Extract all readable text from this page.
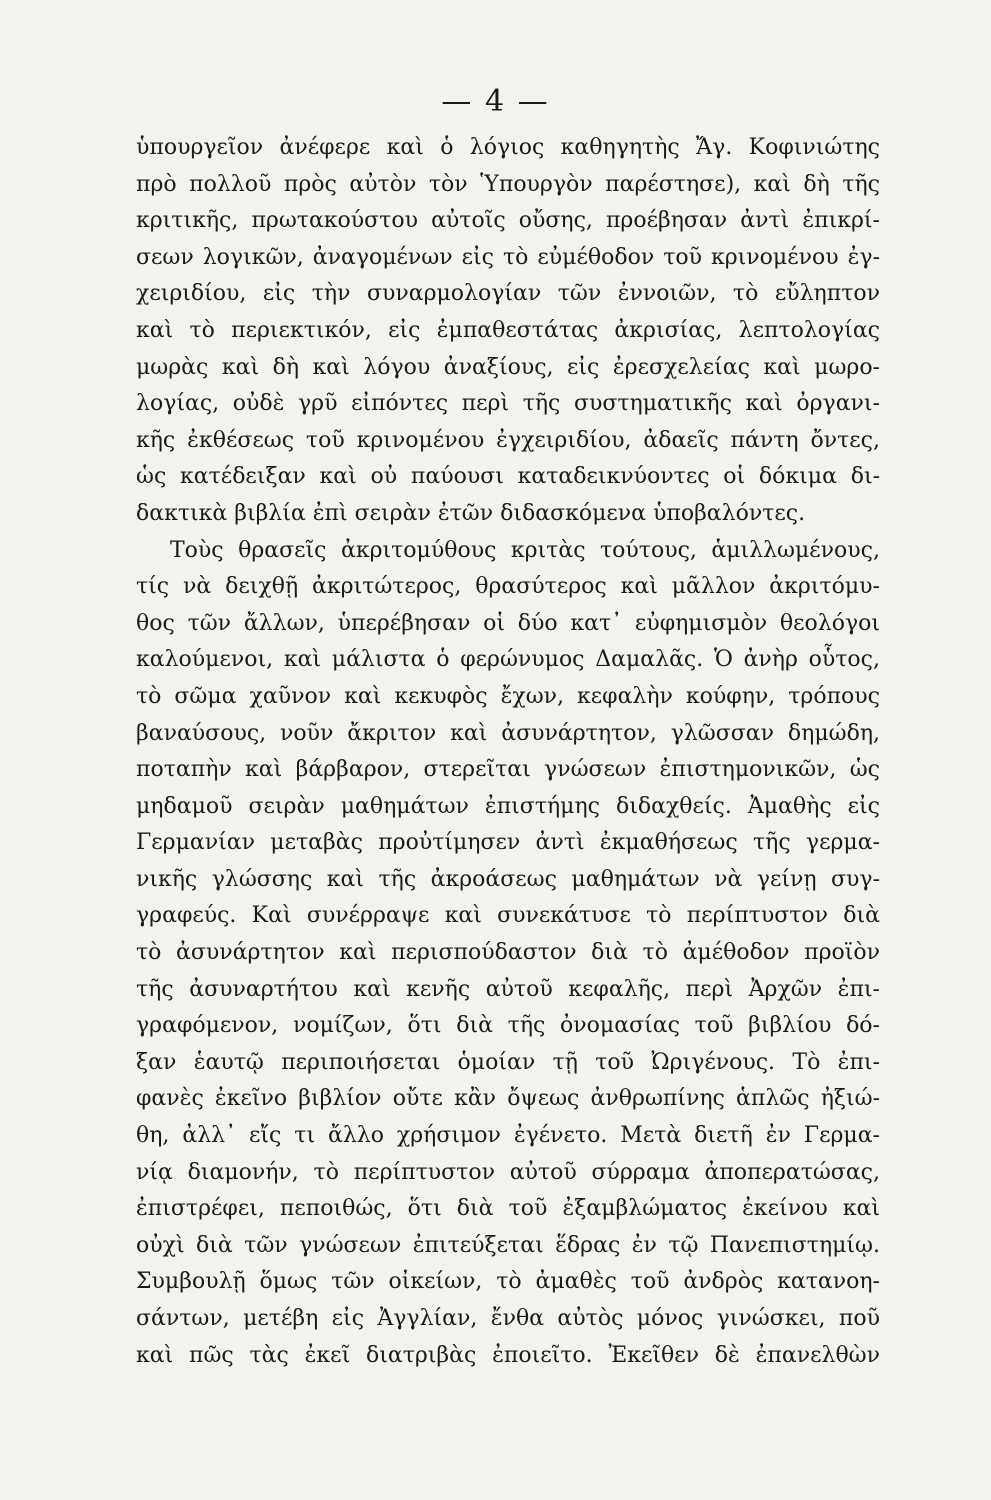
— 4 —
ὑπουργεῖον ἀνέφερε καὶ ὁ λόγιος καθηγητὴς Ἄγ. Κοφινιώτης
πρὸ πολλοῦ πρὸς αὐτὸν τὸν Ὑπουργὸν παρέστησε), καὶ δὴ τῆς
κριτικῆς, πρωτακούστου αὐτοῖς οὔσης, προέβησαν ἀντὶ ἐπικρί-
σεων λογικῶν, ἀναγομένων εἰς τὸ εὐμέθοδον τοῦ κρινομένου ἐγ-
χειριδίου, εἰς τὴν συναρμολογίαν τῶν ἐννοιῶν, τὸ εὔληπτον
καὶ τὸ περιεκτικόν, εἰς ἐμπαθεστάτας ἀκρισίας, λεπτολογίας
μωρὰς καὶ δὴ καὶ λόγου ἀναξίους, εἰς ἐρεσχελείας καὶ μωρο-
λογίας, οὐδὲ γρῦ εἰπόντες περὶ τῆς συστηματικῆς καὶ ὀργανι-
κῆς ἐκθέσεως τοῦ κρινομένου ἐγχειριδίου, ἀδαεῖς πάντη ὄντες,
ὡς κατέδειξαν καὶ οὐ παύουσι καταδεικνύοντες οἱ δόκιμα δι-
δακτικὰ βιβλία ἐπὶ σειρὰν ἐτῶν διδασκόμενα ὑποβαλόντες.
Τοὺς θρασεῖς ἀκριτομύθους κριτὰς τούτους, ἁμιλλωμένους,
τίς νὰ δειχθῇ ἀκριτώτερος, θρασύτερος καὶ μᾶλλον ἀκριτόμυ-
θος τῶν ἄλλων, ὑπερέβησαν οἱ δύο κατ᾽ εὐφημισμὸν θεολόγοι
καλούμενοι, καὶ μάλιστα ὁ φερώνυμος Δαμαλᾶς. Ὁ ἀνὴρ οὗτος,
τὸ σῶμα χαῦνον καὶ κεκυφὸς ἔχων, κεφαλὴν κούφην, τρόπους
βαναύσους, νοῦν ἄκριτον καὶ ἀσυνάρτητον, γλῶσσαν δημώδη,
ποταπὴν καὶ βάρβαρον, στερεῖται γνώσεων ἐπιστημονικῶν, ὡς
μηδαμοῦ σειρὰν μαθημάτων ἐπιστήμης διδαχθείς. Ἀμαθὴς εἰς
Γερμανίαν μεταβὰς προὐτίμησεν ἀντὶ ἐκμαθήσεως τῆς γερμα-
νικῆς γλώσσης καὶ τῆς ἀκροάσεως μαθημάτων νὰ γείνῃ συγ-
γραφεύς. Καὶ συνέρραψε καὶ συνεκάτυσε τὸ περίπτυστον διὰ
τὸ ἀσυνάρτητον καὶ περισπούδαστον διὰ τὸ ἀμέθοδον προϊὸν
τῆς ἀσυναρτήτου καὶ κενῆς αὐτοῦ κεφαλῆς, περὶ Ἀρχῶν ἐπι-
γραφόμενον, νομίζων, ὅτι διὰ τῆς ὀνομασίας τοῦ βιβλίου δό-
ξαν ἑαυτῷ περιποιήσεται ὁμοίαν τῇ τοῦ Ὠριγένους. Τὸ ἐπι-
φανὲς ἐκεῖνο βιβλίον οὔτε κἂν ὄψεως ἀνθρωπίνης ἁπλῶς ἠξιώ-
θη, ἀλλ᾽ εἴς τι ἄλλο χρήσιμον ἐγένετο. Μετὰ διετῆ ἐν Γερμα-
νίᾳ διαμονήν, τὸ περίπτυστον αὐτοῦ σύρραμα ἀποπερατώσας,
ἐπιστρέφει, πεποιθώς, ὅτι διὰ τοῦ ἐξαμβλώματος ἐκείνου καὶ
οὐχὶ διὰ τῶν γνώσεων ἐπιτεύξεται ἕδρας ἐν τῷ Πανεπιστημίῳ.
Συμβουλῇ ὅμως τῶν οἰκείων, τὸ ἀμαθὲς τοῦ ἀνδρὸς κατανοη-
σάντων, μετέβη εἰς Ἀγγλίαν, ἔνθα αὐτὸς μόνος γινώσκει, ποῦ
καὶ πῶς τὰς ἐκεῖ διατριβὰς ἐποιεῖτο. Ἐκεῖθεν δὲ ἐπανελθὼν
